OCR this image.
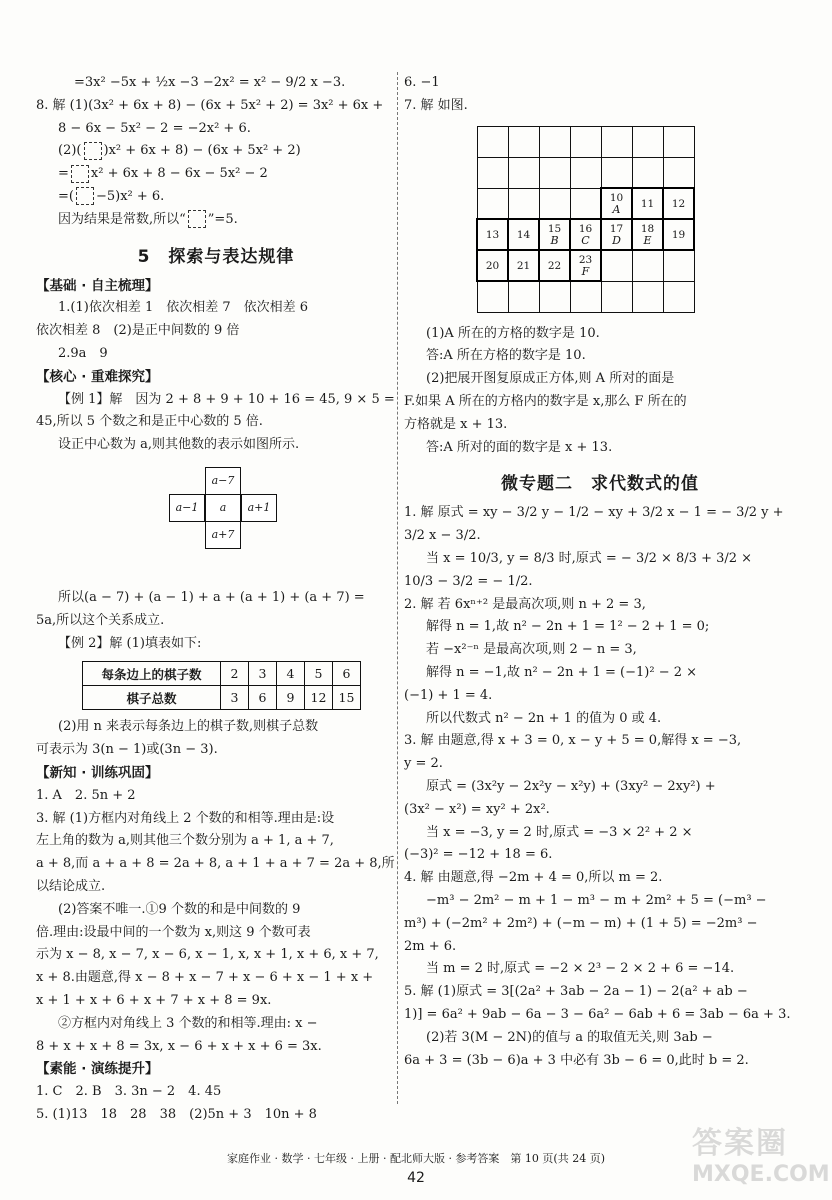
=3x² −5x + ½x −3 −2x² = x² − 9/2 x −3.
8. 解 (1)(3x² + 6x + 8) − (6x + 5x² + 2) = 3x² + 6x +
8 − 6x − 5x² − 2 = −2x² + 6.
(2)( )x² + 6x + 8) − (6x + 5x² + 2)
= x² + 6x + 8 − 6x − 5x² − 2
=( −5)x² + 6.
因为结果是常数,所以“ ”=5.
5　探索与表达规律
【基础 · 自主梳理】
1.(1)依次相差 1　依次相差 7　依次相差 6
依次相差 8　(2)是正中间数的 9 倍
2.9a　9
【核心 · 重难探究】
【例 1】解　因为 2 + 8 + 9 + 10 + 16 = 45, 9 × 5 =
45,所以 5 个数之和是正中心数的 5 倍.
设正中心数为 a,则其他数的表示如图所示.
a−7
a−1	a	a+1
a+7
所以(a − 7) + (a − 1) + a + (a + 1) + (a + 7) =
5a,所以这个关系成立.
【例 2】解 (1)填表如下:
每条边上的棋子数	2	3	4	5	6
棋子总数	3	6	9	12	15
(2)用 n 来表示每条边上的棋子数,则棋子总数
可表示为 3(n − 1)或(3n − 3).
【新知 · 训练巩固】
1. A　2. 5n + 2
3. 解 (1)方框内对角线上 2 个数的和相等.理由是:设
左上角的数为 a,则其他三个数分别为 a + 1, a + 7,
a + 8,而 a + a + 8 = 2a + 8, a + 1 + a + 7 = 2a + 8,所
以结论成立.
(2)答案不唯一.①9 个数的和是中间数的 9
倍.理由:设最中间的一个数为 x,则这 9 个数可表
示为 x − 8, x − 7, x − 6, x − 1, x, x + 1, x + 6, x + 7,
x + 8.由题意,得 x − 8 + x − 7 + x − 6 + x − 1 + x +
x + 1 + x + 6 + x + 7 + x + 8 = 9x.
②方框内对角线上 3 个数的和相等.理由: x −
8 + x + x + 8 = 3x, x − 6 + x + x + 6 = 3x.
【素能 · 演练提升】
1. C　2. B　3. 3n − 2　4. 45
5. (1)13　18　28　38　(2)5n + 3　10n + 8
6. −1
7. 解 如图.

				10
A	11	12
13	14	15
B	16
C	17
D	18
E	19
20	21	22	23
F			

(1)A 所在的方格的数字是 10.
答:A 所在方格的数字是 10.
(2)把展开图复原成正方体,则 A 所对的面是
F.如果 A 所在的方格内的数字是 x,那么 F 所在的
方格就是 x + 13.
答:A 所对的面的数字是 x + 13.
微专题二　求代数式的值
1. 解 原式 = xy − 3/2 y − 1/2 − xy + 3/2 x − 1 = − 3/2 y +
3/2 x − 3/2.
当 x = 10/3, y = 8/3 时,原式 = − 3/2 × 8/3 + 3/2 ×
10/3 − 3/2 = − 1/2.
2. 解 若 6xⁿ⁺² 是最高次项,则 n + 2 = 3,
解得 n = 1,故 n² − 2n + 1 = 1² − 2 + 1 = 0;
若 −x²⁻ⁿ 是最高次项,则 2 − n = 3,
解得 n = −1,故 n² − 2n + 1 = (−1)² − 2 ×
(−1) + 1 = 4.
所以代数式 n² − 2n + 1 的值为 0 或 4.
3. 解 由题意,得 x + 3 = 0, x − y + 5 = 0,解得 x = −3,
y = 2.
原式 = (3x²y − 2x²y − x²y) + (3xy² − 2xy²) +
(3x² − x²) = xy² + 2x².
当 x = −3, y = 2 时,原式 = −3 × 2² + 2 ×
(−3)² = −12 + 18 = 6.
4. 解 由题意,得 −2m + 4 = 0,所以 m = 2.
−m³ − 2m² − m + 1 − m³ − m + 2m² + 5 = (−m³ −
m³) + (−2m² + 2m²) + (−m − m) + (1 + 5) = −2m³ −
2m + 6.
当 m = 2 时,原式 = −2 × 2³ − 2 × 2 + 6 = −14.
5. 解 (1)原式 = 3[(2a² + 3ab − 2a − 1) − 2(a² + ab −
1)] = 6a² + 9ab − 6a − 3 − 6a² − 6ab + 6 = 3ab − 6a + 3.
(2)若 3(M − 2N)的值与 a 的取值无关,则 3ab −
6a + 3 = (3b − 6)a + 3 中必有 3b − 6 = 0,此时 b = 2.
家庭作业 · 数学 · 七年级 · 上册 · 配北师大版 · 参考答案　第 10 页(共 24 页)
42
答案圈
MXQE.COM
